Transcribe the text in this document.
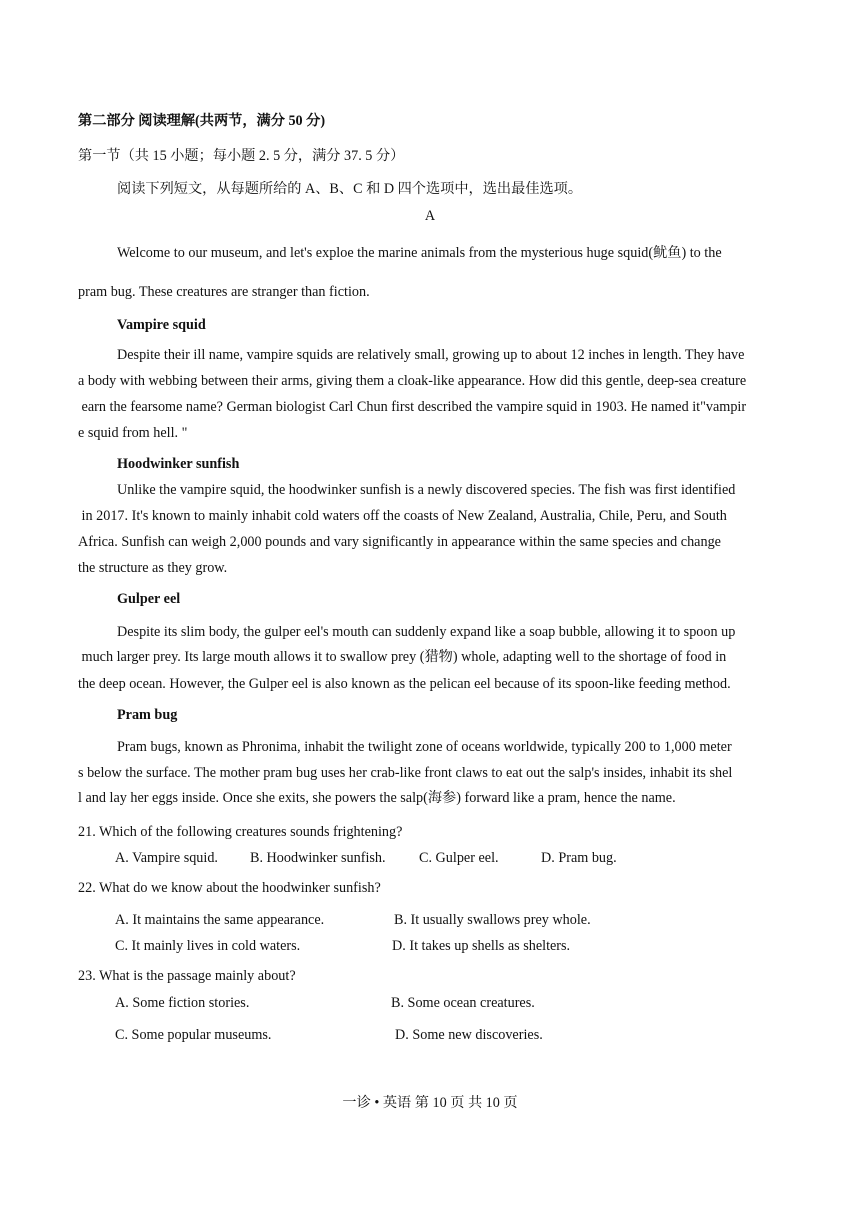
第二部分 阅读理解(共两节，满分 50 分)
第一节（共 15 小题；每小题 2. 5 分，满分 37. 5 分）
阅读下列短文，从每题所给的 A、B、C 和 D 四个选项中，选出最佳选项。
A
Welcome to our museum, and let's exploe the marine animals from the mysterious huge squid(鱿鱼) to the
pram bug. These creatures are stranger than fiction.
Vampire squid
Despite their ill name, vampire squids are relatively small, growing up to about 12 inches in length. They have
a body with webbing between their arms, giving them a cloak-like appearance. How did this gentle, deep-sea creature
earn the fearsome name? German biologist Carl Chun first described the vampire squid in 1903. He named it"vampir
e squid from hell. "
Hoodwinker sunfish
Unlike the vampire squid, the hoodwinker sunfish is a newly discovered species. The fish was first identified
in 2017. It's known to mainly inhabit cold waters off the coasts of New Zealand, Australia, Chile, Peru, and South
Africa. Sunfish can weigh 2,000 pounds and vary significantly in appearance within the same species and change
the structure as they grow.
Gulper eel
Despite its slim body, the gulper eel's mouth can suddenly expand like a soap bubble, allowing it to spoon up
much larger prey. Its large mouth allows it to swallow prey (猎物) whole, adapting well to the shortage of food in
the deep ocean. However, the Gulper eel is also known as the pelican eel because of its spoon-like feeding method.
Pram bug
Pram bugs, known as Phronima, inhabit the twilight zone of oceans worldwide, typically 200 to 1,000 meter
s below the surface. The mother pram bug uses her crab-like front claws to eat out the salp's insides, inhabit its shel
l and lay her eggs inside. Once she exits, she powers the salp(海参) forward like a pram, hence the name.
21. Which of the following creatures sounds frightening?
A. Vampire squid. B. Hoodwinker sunfish. C. Gulper eel.	D. Pram bug.
22. What do we know about the hoodwinker sunfish?
A. It maintains the same appearance.	B. It usually swallows prey whole.
C. It mainly lives in cold waters.	D. It takes up shells as shelters.
23. What is the passage mainly about?
A. Some fiction stories.	B. Some ocean creatures.
C. Some popular museums.	D. Some new discoveries.
一诊 • 英语 第 10 页 共 10 页
